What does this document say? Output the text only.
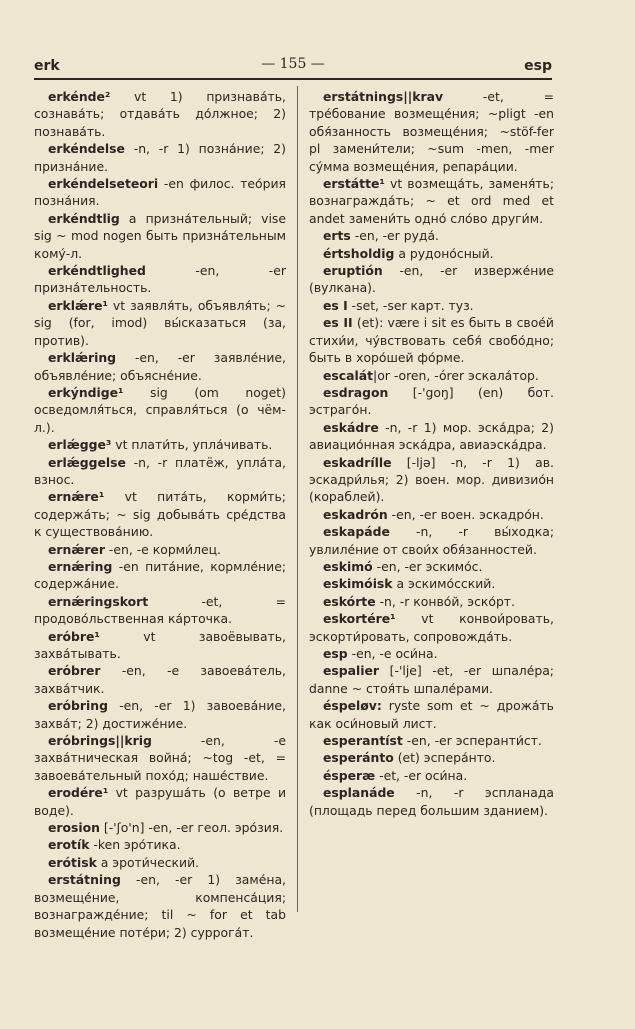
erk	— 155 —	esp
erkénde² vt 1) признава́ть, сознава́ть; отдава́ть до́лжное; 2) познава́ть.
erkéndelse -n, -r 1) позна́ние; 2) призна́ние.
erkéndelseteori -en филос. тео́рия позна́ния.
erkéndtlig a призна́тельный; vise sig ~ mod nogen быть призна́тельным кому́-л.
erkéndtlighed -en, -er призна́тельность.
erklǽre¹ vt заявля́ть, объявля́ть; ~ sig (for, imod) вы́сказаться (за, против).
erklǽring -en, -er заявле́ние, объявле́ние; объясне́ние.
erkýndige¹ sig (om noget) осведомля́ться, справля́ться (о чём-л.).
erlǽgge³ vt плати́ть, упла́чивать.
erlǽggelse -n, -r платёж, упла́та, взнос.
ernǽre¹ vt пита́ть, корми́ть; содержа́ть; ~ sig добыва́ть сре́дства к существова́нию.
ernǽrer -en, -e корми́лец.
ernǽring -en пита́ние, кормле́ние; содержа́ние.
ernǽringskort -et, = продово́льственная ка́рточка.
erόbre¹ vt завоёвывать, захва́тывать.
erόbrer -en, -e завоева́тель, захва́тчик.
erόbring -en, -er 1) завоева́ние, захва́т; 2) достиже́ние.
erόbrings||krig -en, -e захва́тническая война́; ~tog -et, = завоева́тельный похо́д; наше́ствие.
erodére¹ vt разруша́ть (о ветре и воде).
erosion [-'ʃo'n] -en, -er геол. эро́зия.
erotík -ken эро́тика.
erótisk a эроти́ческий.
erstátning -en, -er 1) заме́на, возмеще́ние, компенса́ция; вознагражде́ние; til ~ for et tab возмеще́ние поте́ри; 2) суррога́т.
erstátnings||krav -et, = тре́бование возмеще́ния; ~pligt -en обя́занность возмеще́ния; ~stöf-fer pl замени́тели; ~sum -men, -mer су́мма возмеще́ния, репара́ции.
erstátte¹ vt возмеща́ть, заменя́ть; вознагражда́ть; ~ et ord med et andet замени́ть одно́ сло́во други́м.
erts -en, -er руда́.
értsholdig a рудоно́сный.
eruptión -en, -er изверже́ние (вулкана).
es I -set, -ser карт. туз.
es II (et): være i sit es быть в свое́й стихи́и, чу́вствовать себя́ свобо́дно; быть в хоро́шей фо́рме.
escalát|or -oren, -órer эскала́тор.
esdragon [-'goŋ] (en) бот. эстраго́н.
eskádre -n, -r 1) мор. эска́дра; 2) авиацио́нная эска́дра, авиаэска́дра.
eskadrílle [-ljə] -n, -r 1) ав. эскадри́лья; 2) воен. мор. дивизио́н (кораблей).
eskadrón -en, -er воен. эскадро́н.
eskapáde -n, -r вы́ходка; увлиле́ние от свои́х обя́занностей.
eskimó -en, -er эскимо́с.
eskimóisk a эскимо́сский.
eskórte -n, -r конво́й, эско́рт.
eskortére¹ vt конвои́ровать, эскорти́ровать, сопровожда́ть.
esp -en, -e оси́на.
espalier [-'lje] -et, -er шпале́ра; danne ~ стоя́ть шпале́рами.
éspeløv: ryste som et ~ дрожа́ть как оси́новый лист.
esperantíst -en, -er эсперанти́ст.
esperánto (et) эспера́нто.
ésperæ -et, -er оси́на.
esplanáde -n, -r эспланада (площадь перед большим зданием).
